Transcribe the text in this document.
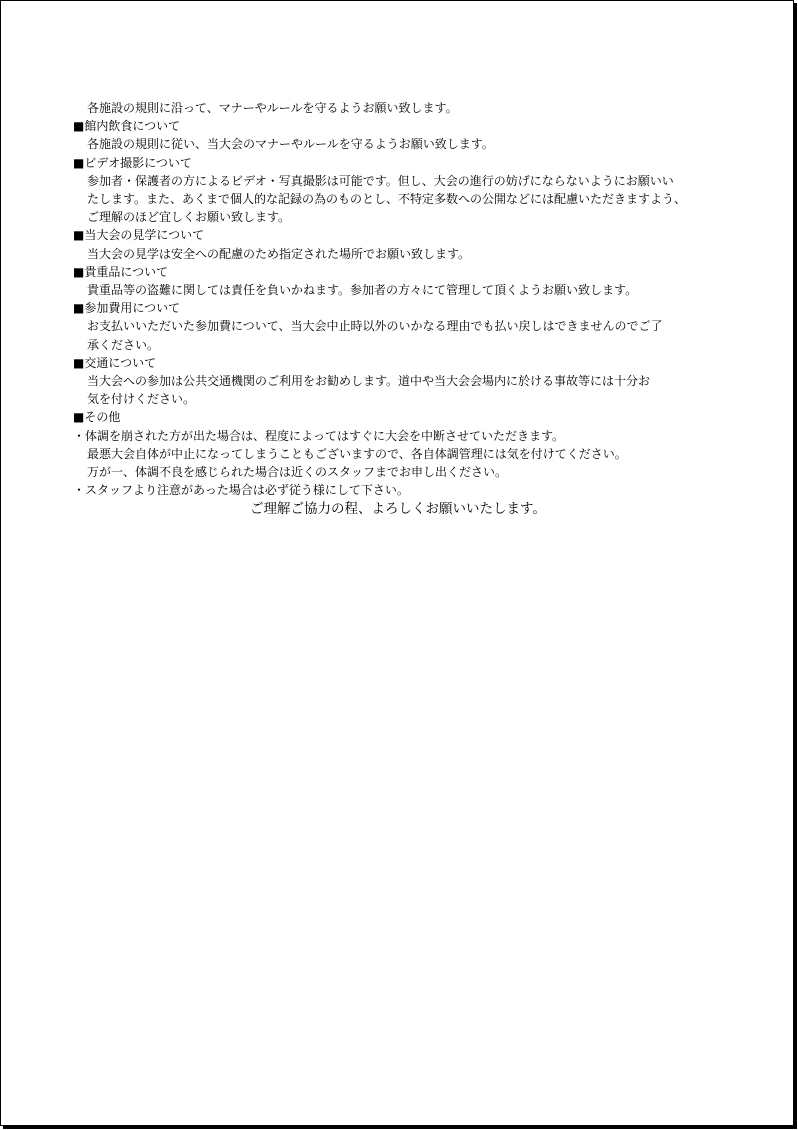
各施設の規則に沿って、マナーやルールを守るようお願い致します。
■館内飲食について
各施設の規則に従い、当大会のマナーやルールを守るようお願い致します。
■ビデオ撮影について
参加者・保護者の方によるビデオ・写真撮影は可能です。但し、大会の進行の妨げにならないようにお願いい
たします。また、あくまで個人的な記録の為のものとし、不特定多数への公開などには配慮いただきますよう、
ご理解のほど宜しくお願い致します。
■当大会の見学について
当大会の見学は安全への配慮のため指定された場所でお願い致します。
■貴重品について
貴重品等の盗難に関しては責任を負いかねます。参加者の方々にて管理して頂くようお願い致します。
■参加費用について
お支払いいただいた参加費について、当大会中止時以外のいかなる理由でも払い戻しはできませんのでご了
承ください。
■交通について
当大会への参加は公共交通機関のご利用をお勧めします。道中や当大会会場内に於ける事故等には十分お
気を付けください。
■その他
・体調を崩された方が出た場合は、程度によってはすぐに大会を中断させていただきます。
最悪大会自体が中止になってしまうこともございますので、各自体調管理には気を付けてください。
万が一、体調不良を感じられた場合は近くのスタッフまでお申し出ください。
・スタッフより注意があった場合は必ず従う様にして下さい。
ご理解ご協力の程、よろしくお願いいたします。
